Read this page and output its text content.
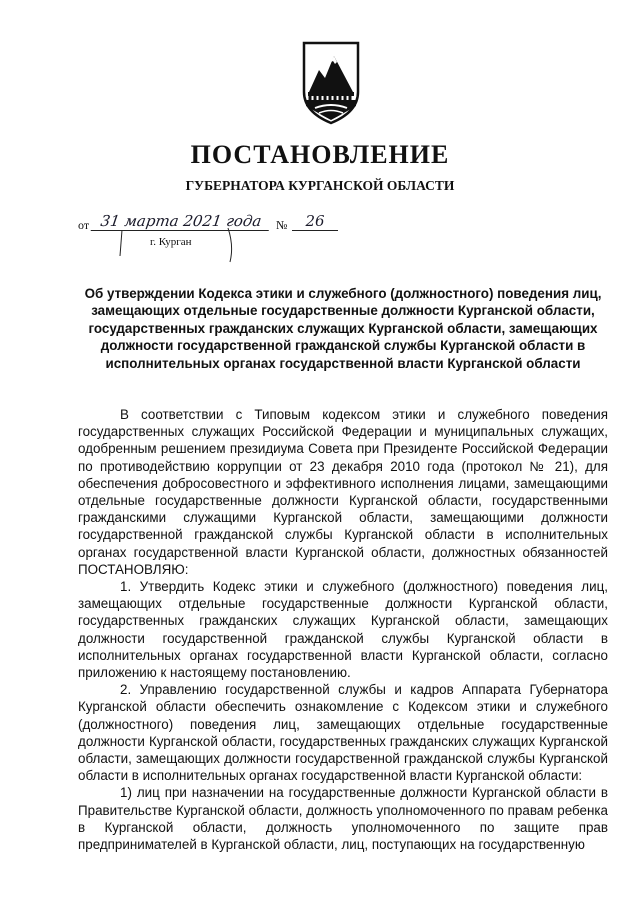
ПОСТАНОВЛЕНИЕ
ГУБЕРНАТОРА КУРГАНСКОЙ ОБЛАСТИ
от 31 марта 2021 года	№	26
г. Курган

Об утверждении Кодекса этики и служебного (должностного) поведения лиц, замещающих отдельные государственные должности Курганской области, государственных гражданских служащих Курганской области, замещающих должности государственной гражданской службы Курганской области в исполнительных органах государственной власти Курганской области

В соответствии с Типовым кодексом этики и служебного поведения государственных служащих Российской Федерации и муниципальных служащих, одобренным решением президиума Совета при Президенте Российской Федерации по противодействию коррупции от 23 декабря 2010 года (протокол № 21), для обеспечения добросовестного и эффективного исполнения лицами, замещающими отдельные государственные должности Курганской области, государственными гражданскими служащими Курганской области, замещающими должности государственной гражданской службы Курганской области в исполнительных органах государственной власти Курганской области, должностных обязанностей ПОСТАНОВЛЯЮ:

1. Утвердить Кодекс этики и служебного (должностного) поведения лиц, замещающих отдельные государственные должности Курганской области, государственных гражданских служащих Курганской области, замещающих должности государственной гражданской службы Курганской области в исполнительных органах государственной власти Курганской области, согласно приложению к настоящему постановлению.

2. Управлению государственной службы и кадров Аппарата Губернатора Курганской области обеспечить ознакомление с Кодексом этики и служебного (должностного) поведения лиц, замещающих отдельные государственные должности Курганской области, государственных гражданских служащих Курганской области, замещающих должности государственной гражданской службы Курганской области в исполнительных органах государственной власти Курганской области:

1) лиц при назначении на государственные должности Курганской области в Правительстве Курганской области, должность уполномоченного по правам ребенка в Курганской области, должность уполномоченного по защите прав предпринимателей в Курганской области, лиц, поступающих на государственную
